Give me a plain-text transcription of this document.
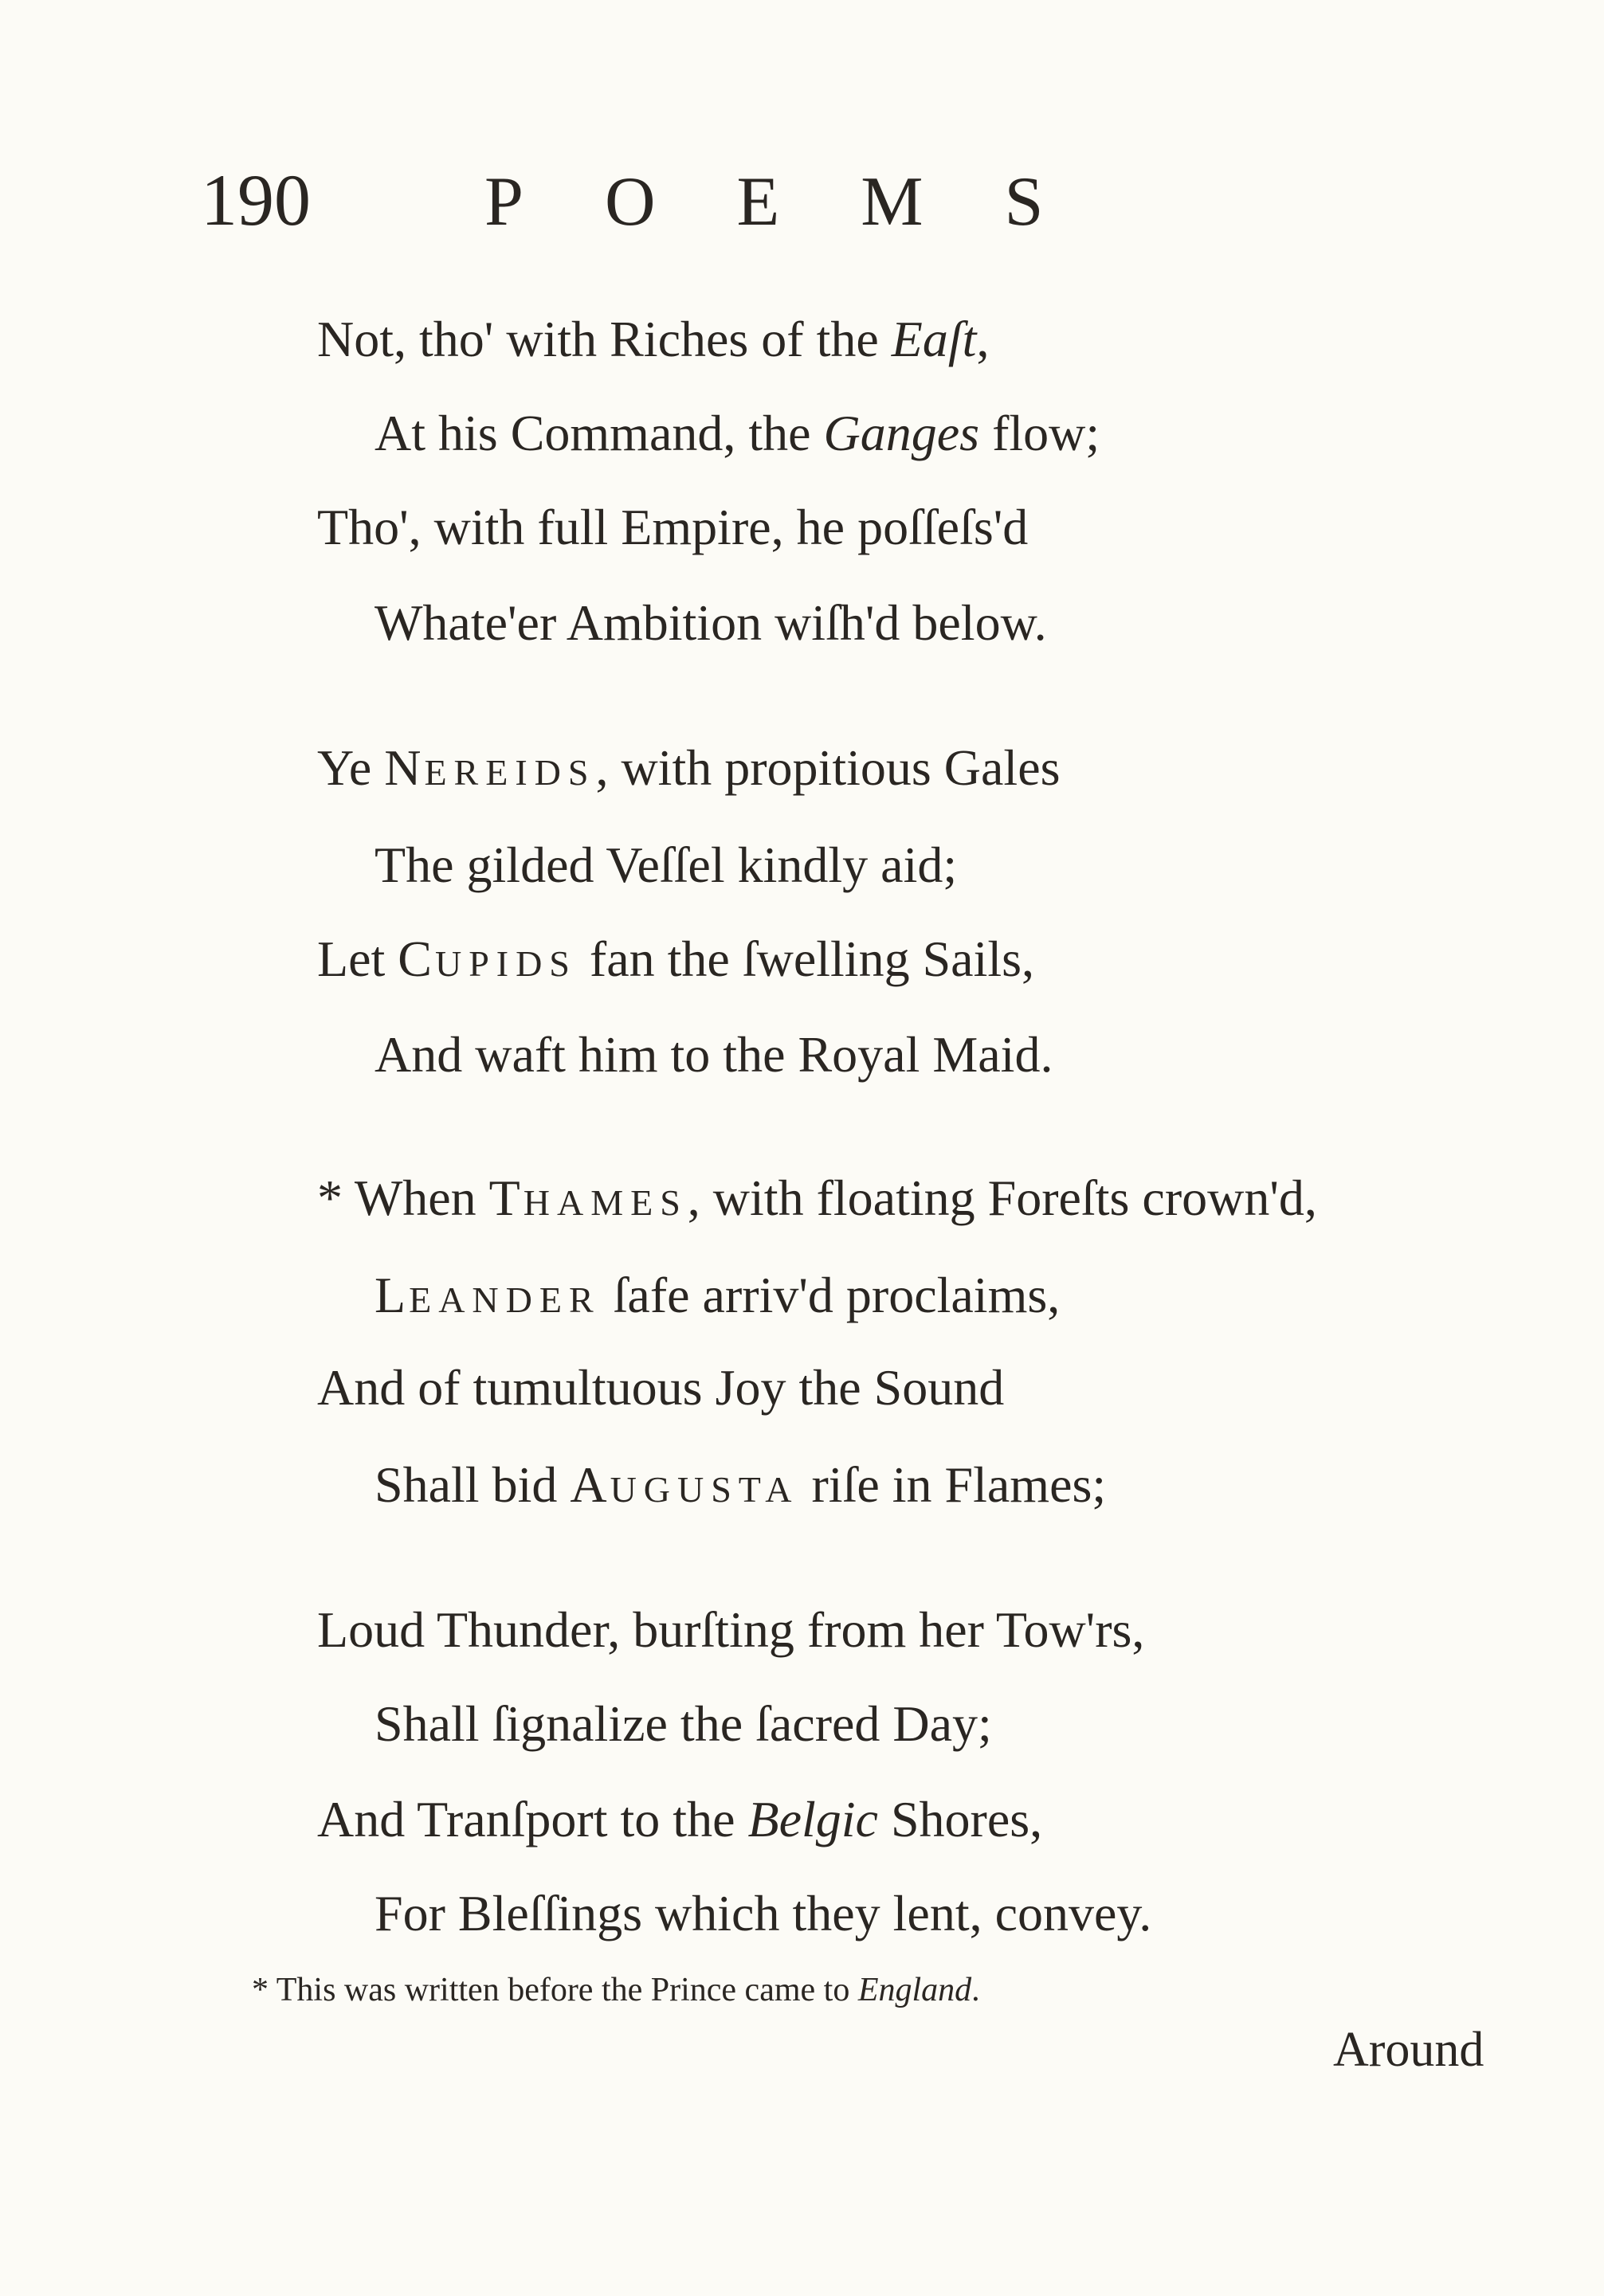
190 POEMS
Not, tho' with Riches of the Eaſt,
At his Command, the Ganges flow;
Tho', with full Empire, he poſſeſs'd
Whate'er Ambition wiſh'd below.
Ye NEREIDS, with propitious Gales
The gilded Veſſel kindly aid;
Let CUPIDS fan the ſwelling Sails,
And waft him to the Royal Maid.
* When THAMES, with floating Foreſts crown'd,
LEANDER ſafe arriv'd proclaims,
And of tumultuous Joy the Sound
Shall bid AUGUSTA riſe in Flames;
Loud Thunder, burſting from her Tow'rs,
Shall ſignalize the ſacred Day;
And Tranſport to the Belgic Shores,
For Bleſſings which they lent, convey.
* This was written before the Prince came to England.
Around
